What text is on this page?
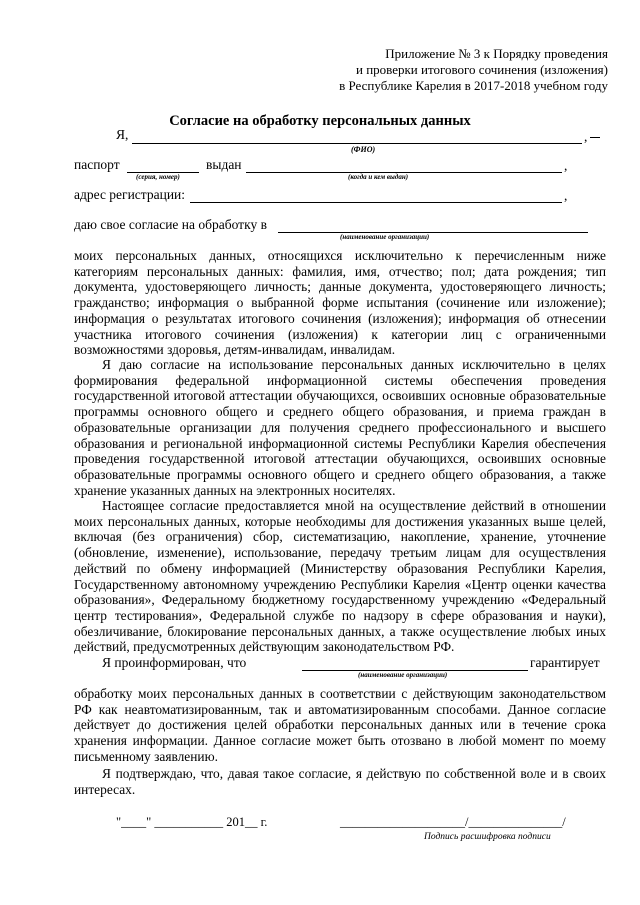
Приложение № 3 к Порядку проведения
и проверки итогового сочинения (изложения)
в Республике Карелия в 2017-2018 учебном году
Согласие на обработку персональных данных
Я,	,
(ФИО)
паспорт
(серия, номер)
выдан	,
(когда и кем выдан)
адрес регистрации:	,
даю свое согласие на обработку в
(наименование организации)

моих персональных данных, относящихся исключительно к перечисленным ниже категориям персональных данных: фамилия, имя, отчество; пол; дата рождения; тип документа, удостоверяющего личность; данные документа, удостоверяющего личность; гражданство; информация о выбранной форме испытания (сочинение или изложение); информация о результатах итогового сочинения (изложения); информация об отнесении участника итогового сочинения (изложения) к категории лиц с ограниченными возможностями здоровья, детям-инвалидам, инвалидам.

Я даю согласие на использование персональных данных исключительно в целях формирования федеральной информационной системы обеспечения проведения государственной итоговой аттестации обучающихся, освоивших основные образовательные программы основного общего и среднего общего образования, и приема граждан в образовательные организации для получения среднего профессионального и высшего образования и региональной информационной системы Республики Карелия обеспечения проведения государственной итоговой аттестации обучающихся, освоивших основные образовательные программы основного общего и среднего общего образования, а также хранение указанных данных на электронных носителях.

Настоящее согласие предоставляется мной на осуществление действий в отношении моих персональных данных, которые необходимы для достижения указанных выше целей, включая (без ограничения) сбор, систематизацию, накопление, хранение, уточнение (обновление, изменение), использование, передачу третьим лицам для осуществления действий по обмену информацией (Министерству образования Республики Карелия, Государственному автономному учреждению Республики Карелия «Центр оценки качества образования», Федеральному бюджетному государственному учреждению «Федеральный центр тестирования», Федеральной службе по надзору в сфере образования и науки), обезличивание, блокирование персональных данных, а также осуществление любых иных действий, предусмотренных действующим законодательством РФ.

Я проинформирован, что	гарантирует
(наименование организации)

обработку моих персональных данных в соответствии с действующим законодательством РФ как неавтоматизированным, так и автоматизированным способами. Данное согласие действует до достижения целей обработки персональных данных или в течение срока хранения информации. Данное согласие может быть отозвано в любой момент по моему письменному заявлению.

Я подтверждаю, что, давая такое согласие, я действую по собственной воле и в своих интересах.

"____" ___________ 201__ г.	____________________/_______________/
Подпись расшифровка подписи
